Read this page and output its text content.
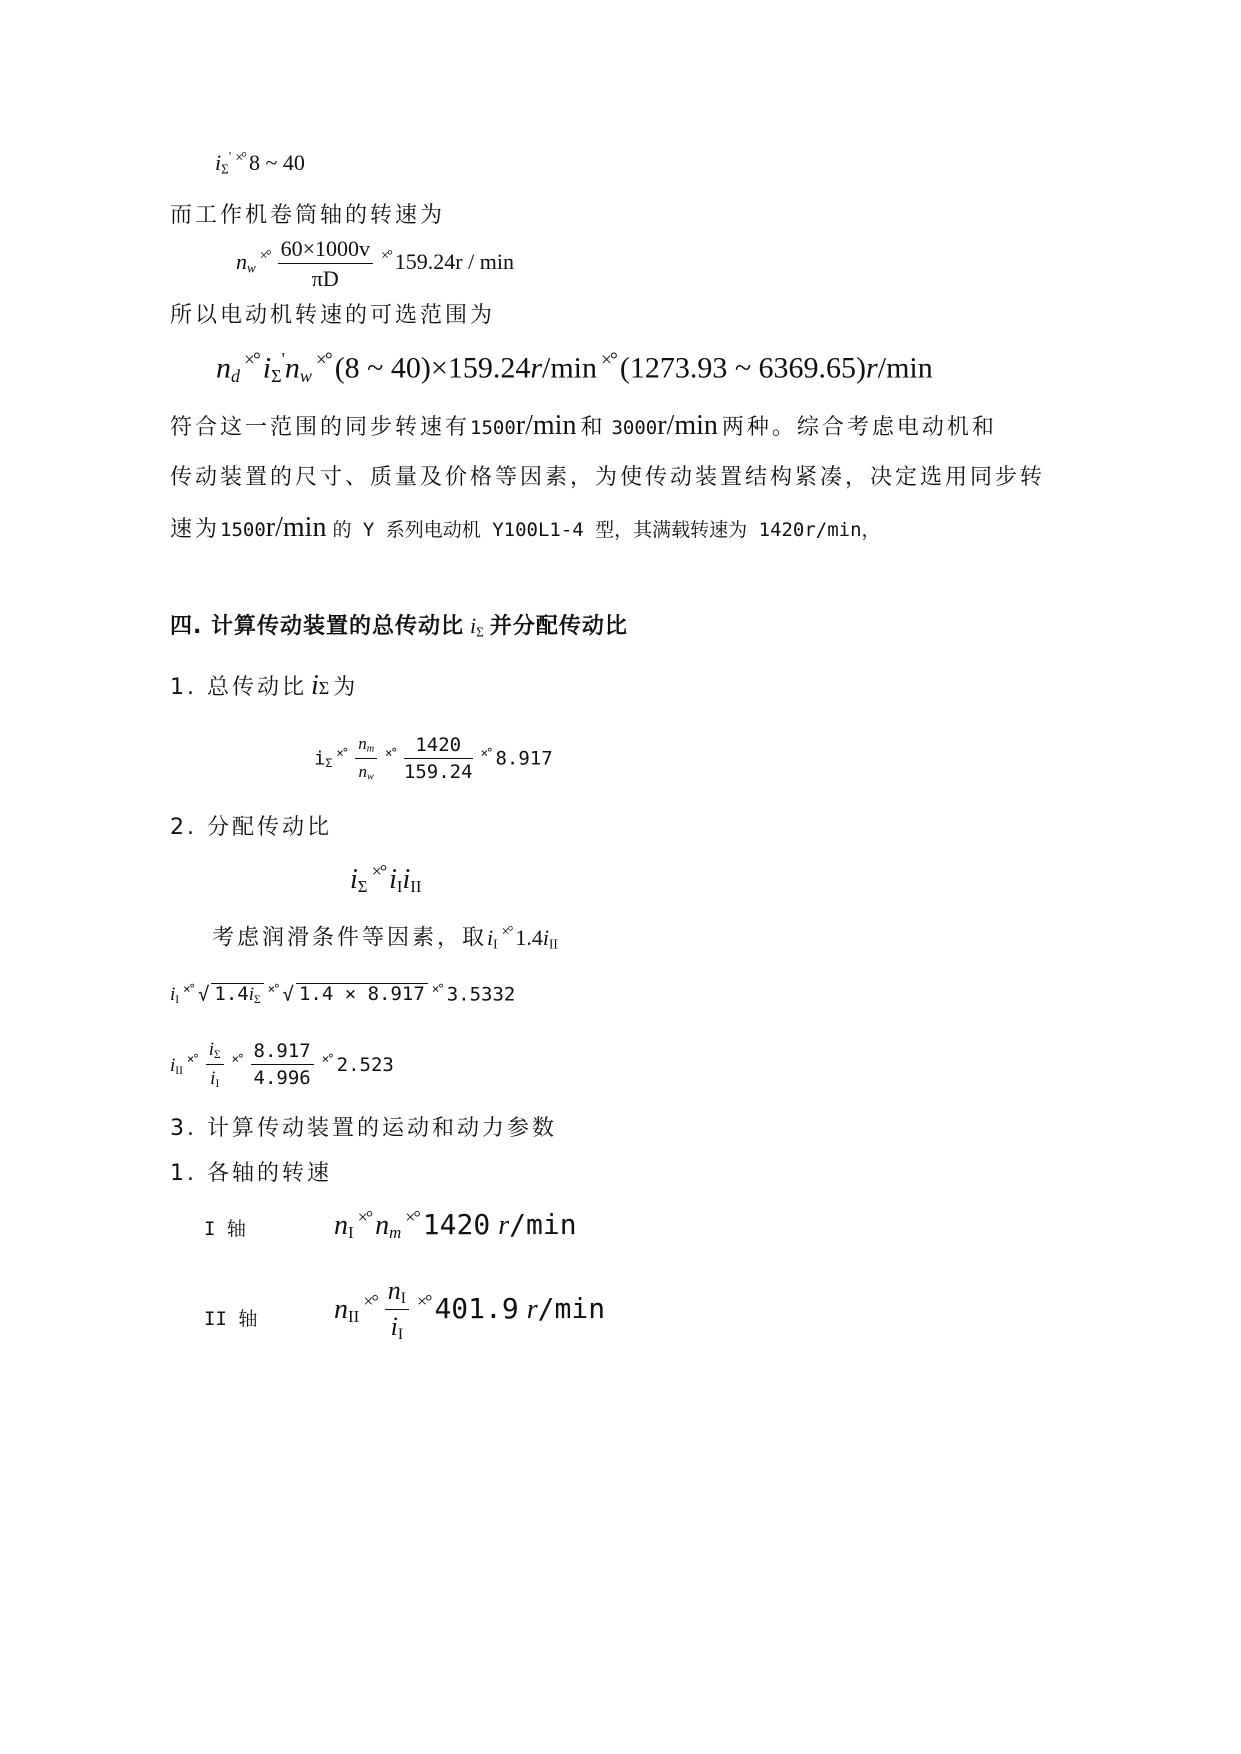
$i_\Sigma'$ ×° 8 ~ 40
而工作机卷筒轴的转速为
$n_w^{\times^\circ} \frac{60\times 1000v}{\pi D} ^{\times^\circ}$ 159.24r / min
所以电动机转速的可选范围为
$n_d^{\times^\circ}$ $i_\Sigma'n_w^{\times^\circ}$ (8 ~ 40)×159.24r/min ×° (1273.93 ~ 6369.65)r/min
符合这一范围的同步转速有1500r/min 和 3000r/min 两种。综合考虑电动机和
传动装置的尺寸、质量及价格等因素，为使传动装置结构紧凑，决定选用同步转
速为1500r/min 的 Y 系列电动机 Y100L1-4 型，其满载转速为 1420r/min，
四. 计算传动装置的总传动比 $i_\Sigma$ 并分配传动比
1. 总传动比 iΣ 为
$i_\Sigma^{\times^\circ} \frac{n_m}{n_w} ^{\times^\circ} \frac{1420}{159.24} ^{\times^\circ}$ 8.917
2. 分配传动比
$i_\Sigma^{\times^\circ}$ $i_Ii_{II}$
考虑润滑条件等因素，取$i_I^{\times^\circ}$ $1.4i_{II}$
$i_I^{\times^\circ}$ √ $1.4i_\Sigma^{\times^\circ}$ √ 1.4 × 8.917 ×° 3.5332
$i_{II}^{\times^\circ} \frac{i_\Sigma}{i_I} ^{\times^\circ} \frac{8.917}{4.996} ^{\times^\circ}$ 2.523
3. 计算传动装置的运动和动力参数
1. 各轴的转速
I 轴	$n_I^{\times^\circ}$ $n_m^{\times^\circ}$ 1420 r/min
II 轴	$n_{II}^{\times^\circ} \frac{n_I}{i_I} ^{\times^\circ}$ 401.9 r/min
